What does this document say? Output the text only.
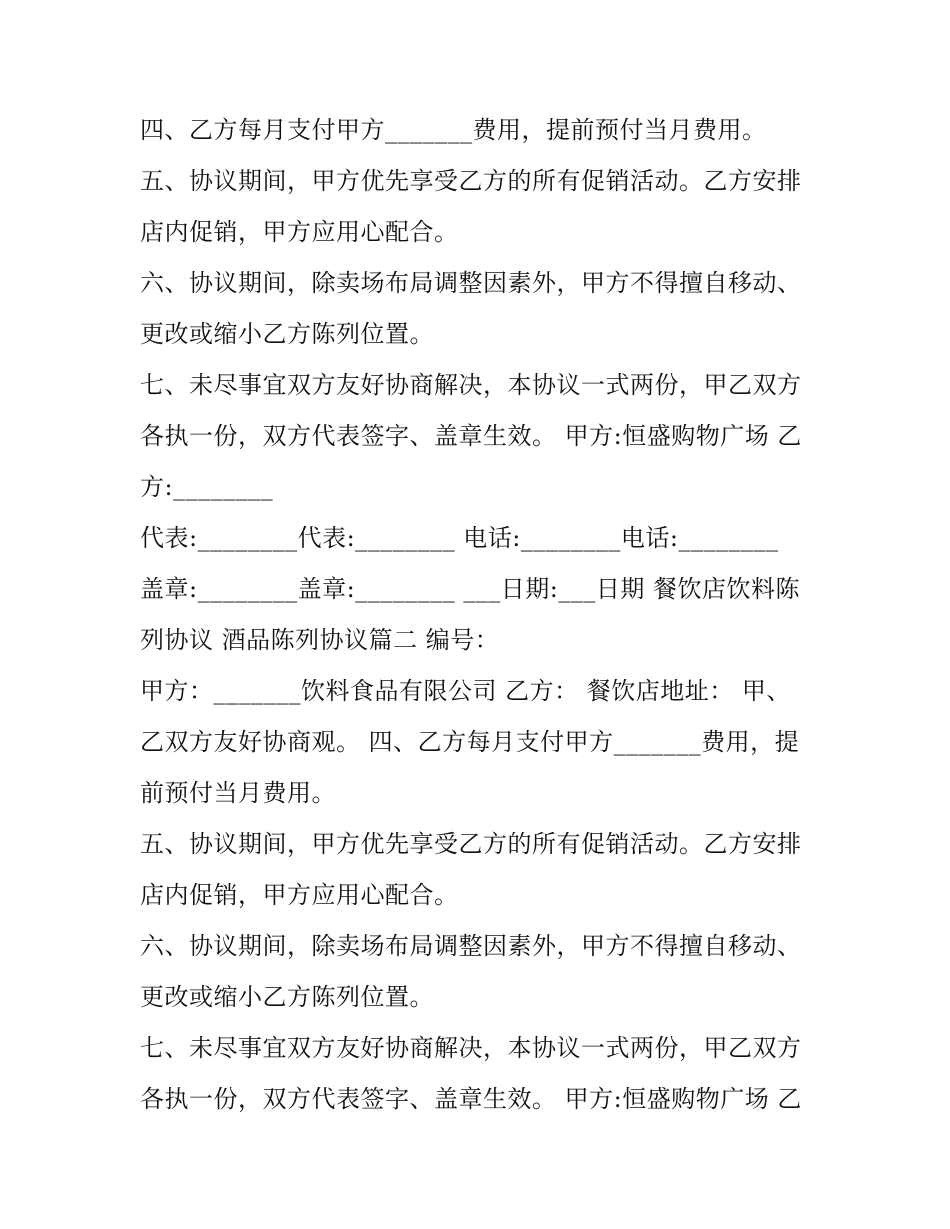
四、乙方每月支付甲方_______费用，提前预付当月费用。
五、协议期间，甲方优先享受乙方的所有促销活动。乙方安排
店内促销，甲方应用心配合。
六、协议期间，除卖场布局调整因素外，甲方不得擅自移动、
更改或缩小乙方陈列位置。
七、未尽事宜双方友好协商解决，本协议一式两份，甲乙双方
各执一份，双方代表签字、盖章生效。 甲方:恒盛购物广场 乙
方:________
代表:________代表:________ 电话:________电话:________
盖章:________盖章:________ ___日期:___日期 餐饮店饮料陈
列协议 酒品陈列协议篇二 编号：
甲方：_______饮料食品有限公司 乙方： 餐饮店地址： 甲、
乙双方友好协商观。 四、乙方每月支付甲方_______费用，提
前预付当月费用。
五、协议期间，甲方优先享受乙方的所有促销活动。乙方安排
店内促销，甲方应用心配合。
六、协议期间，除卖场布局调整因素外，甲方不得擅自移动、
更改或缩小乙方陈列位置。
七、未尽事宜双方友好协商解决，本协议一式两份，甲乙双方
各执一份，双方代表签字、盖章生效。 甲方:恒盛购物广场 乙
